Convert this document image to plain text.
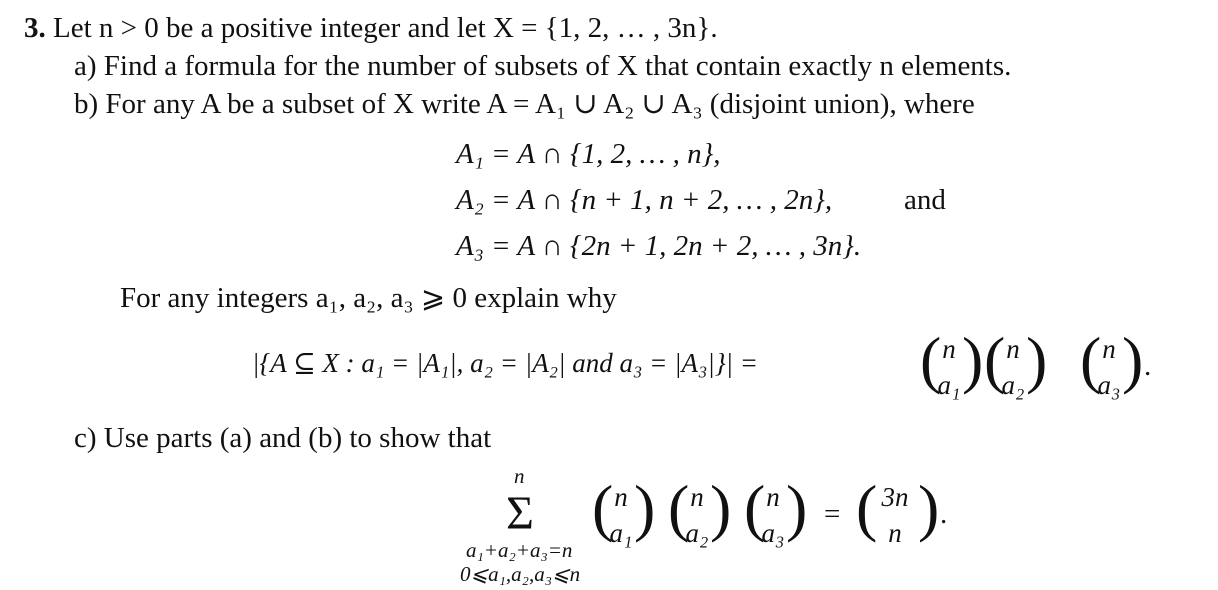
3. Let n > 0 be a positive integer and let X = {1, 2, … , 3n}.
a) Find a formula for the number of subsets of X that contain exactly n elements.
b) For any A be a subset of X write A = A₁ ∪ A₂ ∪ A₃ (disjoint union), where
A₁ = A ∩ {1, 2, … , n},
A₂ = A ∩ {n + 1, n + 2, … , 2n}, and
A₃ = A ∩ {2n + 1, 2n + 2, … , 3n}.
For any integers a₁, a₂, a₃ ⩾ 0 explain why
|{A ⊆ X : a₁ = |A₁|, a₂ = |A₂| and a₃ = |A₃|}| =	( n
a₁ ) ( n
a₂ ) ( n
a₃ ) .
c) Use parts (a) and (b) to show that
n
Σ
a₁+a₂+a₃=n
0⩽a₁,a₂,a₃⩽n
( n
a₁ ) ( n
a₂ ) ( n
a₃ ) = ( 3n
n ) .
